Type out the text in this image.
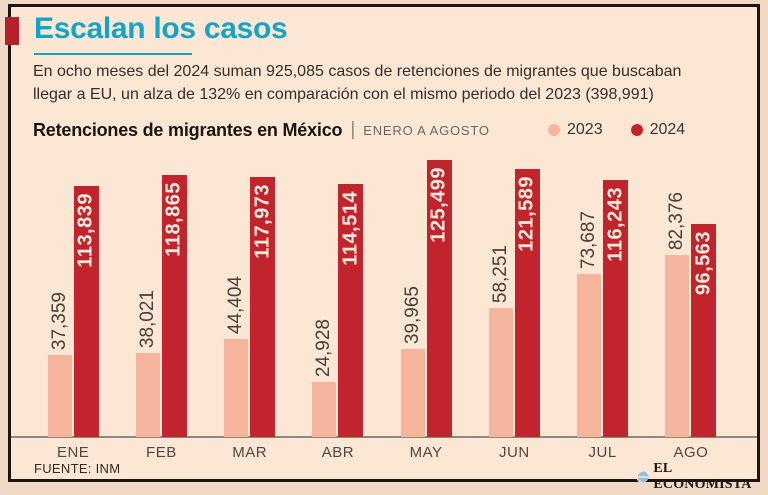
Escalan los casos

En ocho meses del 2024 suman 925,085 casos de retenciones de migrantes que buscaban
llegar a EU, un alza de 132% en comparación con el mismo periodo del 2023 (398,991)

Retenciones de migrantes en México | ENERO A AGOSTO	2023	2024
37,359
113,839
38,021
118,865
44,404
117,973
24,928
114,514
39,965
125,499
58,251
121,589 73,687 116,243 82,376
96,563
ENE	FEB	MAR	ABR	MAY	JUN	JUL	AGO
FUENTE: INM	EL ECONOMISTA
